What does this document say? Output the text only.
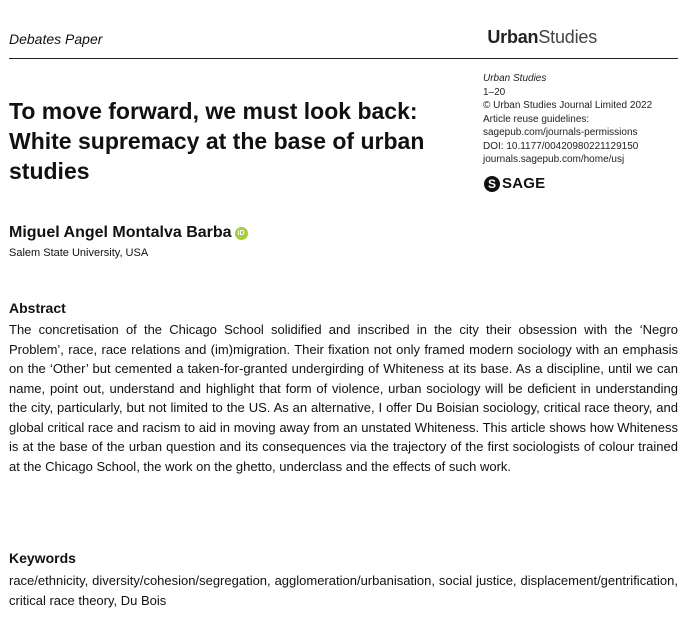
Debates Paper	UrbanStudies
Urban Studies
1–20
© Urban Studies Journal Limited 2022
Article reuse guidelines:
sagepub.com/journals-permissions
DOI: 10.1177/00420980221129150
journals.sagepub.com/home/usj
S SAGE
To move forward, we must look back: White supremacy at the base of urban studies
Miguel Angel Montalva Barba iD
Salem State University, USA
Abstract

The concretisation of the Chicago School solidified and inscribed in the city their obsession with the ‘Negro Problem’, race, race relations and (im)migration. Their fixation not only framed modern sociology with an emphasis on the ‘Other’ but cemented a taken-for-granted undergirding of Whiteness at its base. As a discipline, until we can name, point out, understand and highlight that form of violence, urban sociology will be deficient in understanding the city, particularly, but not limited to the US. As an alternative, I offer Du Boisian sociology, critical race theory, and global critical race and racism to aid in moving away from an unstated Whiteness. This article shows how Whiteness is at the base of the urban question and its consequences via the trajectory of the first sociologists of colour trained at the Chicago School, the work on the ghetto, underclass and the effects of such work.

Keywords

race/ethnicity, diversity/cohesion/segregation, agglomeration/urbanisation, social justice, displacement/gentrification, critical race theory, Du Bois
